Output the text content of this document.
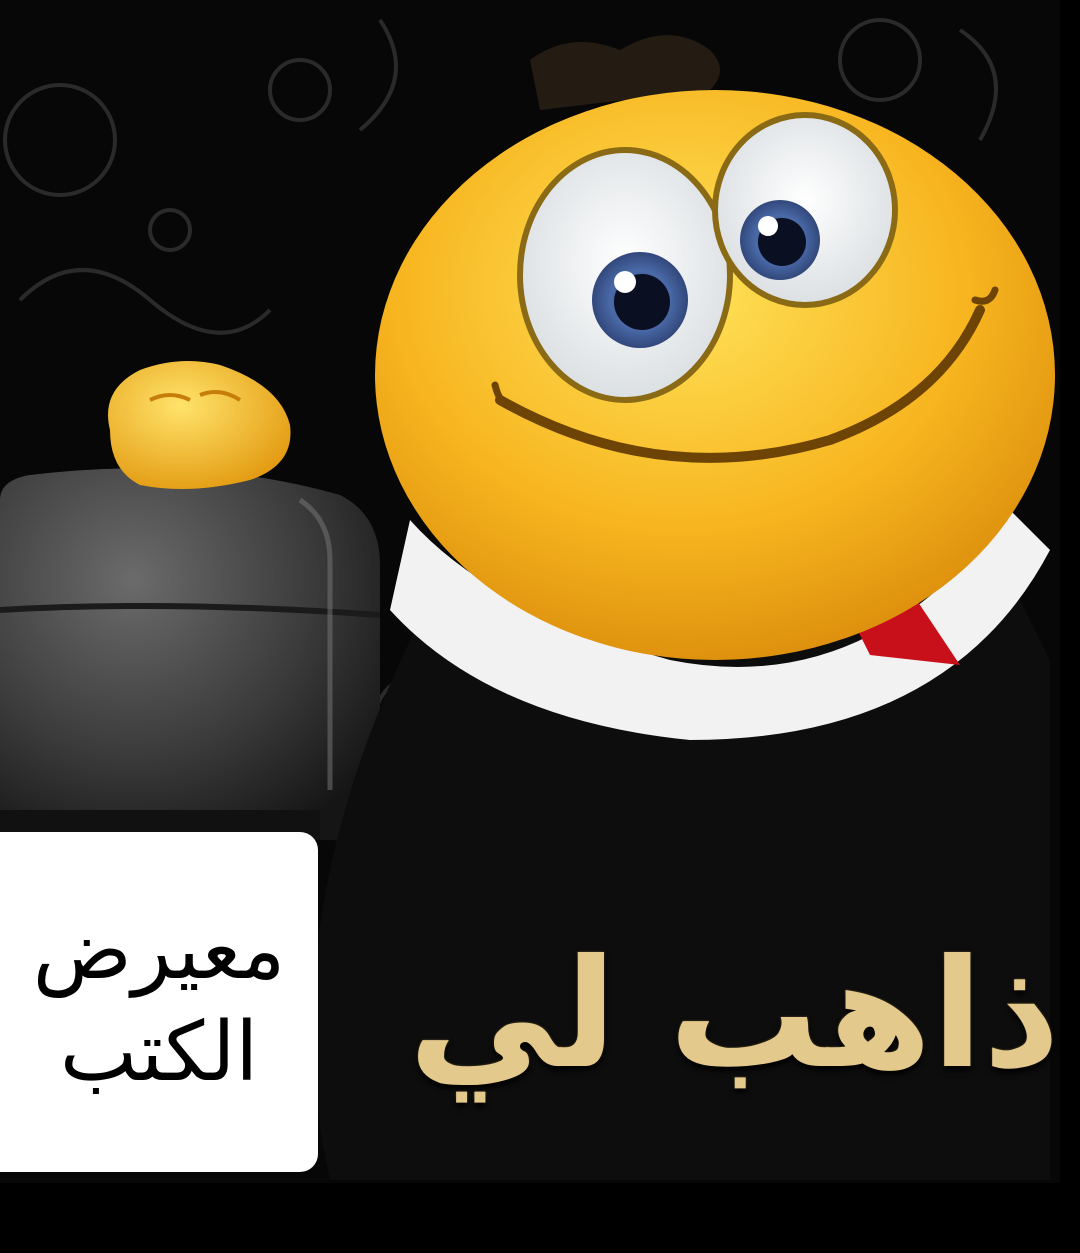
ذاهب لي
معيرض
الكتب
